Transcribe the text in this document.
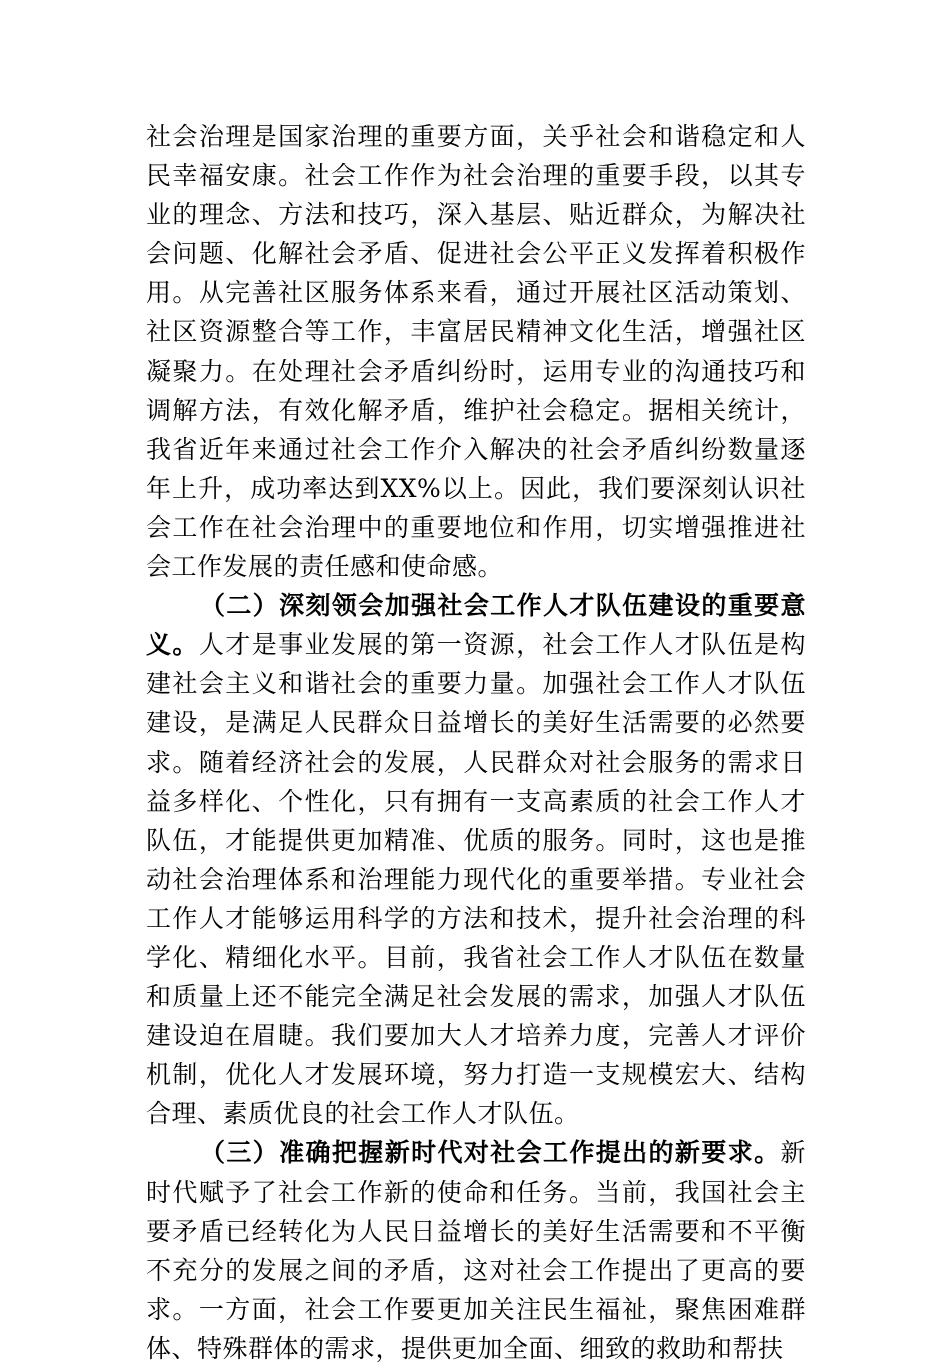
社会治理是国家治理的重要方面，关乎社会和谐稳定和人民幸福安康。社会工作作为社会治理的重要手段，以其专业的理念、方法和技巧，深入基层、贴近群众，为解决社会问题、化解社会矛盾、促进社会公平正义发挥着积极作用。从完善社区服务体系来看，通过开展社区活动策划、社区资源整合等工作，丰富居民精神文化生活，增强社区凝聚力。在处理社会矛盾纠纷时，运用专业的沟通技巧和调解方法，有效化解矛盾，维护社会稳定。据相关统计，我省近年来通过社会工作介入解决的社会矛盾纠纷数量逐年上升，成功率达到XX%以上。因此，我们要深刻认识社会工作在社会治理中的重要地位和作用，切实增强推进社会工作发展的责任感和使命感。

（二）深刻领会加强社会工作人才队伍建设的重要意义。人才是事业发展的第一资源，社会工作人才队伍是构建社会主义和谐社会的重要力量。加强社会工作人才队伍建设，是满足人民群众日益增长的美好生活需要的必然要求。随着经济社会的发展，人民群众对社会服务的需求日益多样化、个性化，只有拥有一支高素质的社会工作人才队伍，才能提供更加精准、优质的服务。同时，这也是推动社会治理体系和治理能力现代化的重要举措。专业社会工作人才能够运用科学的方法和技术，提升社会治理的科学化、精细化水平。目前，我省社会工作人才队伍在数量和质量上还不能完全满足社会发展的需求，加强人才队伍建设迫在眉睫。我们要加大人才培养力度，完善人才评价机制，优化人才发展环境，努力打造一支规模宏大、结构合理、素质优良的社会工作人才队伍。

（三）准确把握新时代对社会工作提出的新要求。新时代赋予了社会工作新的使命和任务。当前，我国社会主要矛盾已经转化为人民日益增长的美好生活需要和不平衡不充分的发展之间的矛盾，这对社会工作提出了更高的要求。一方面，社会工作要更加关注民生福祉，聚焦困难群体、特殊群体的需求，提供更加全面、细致的救助和帮扶
